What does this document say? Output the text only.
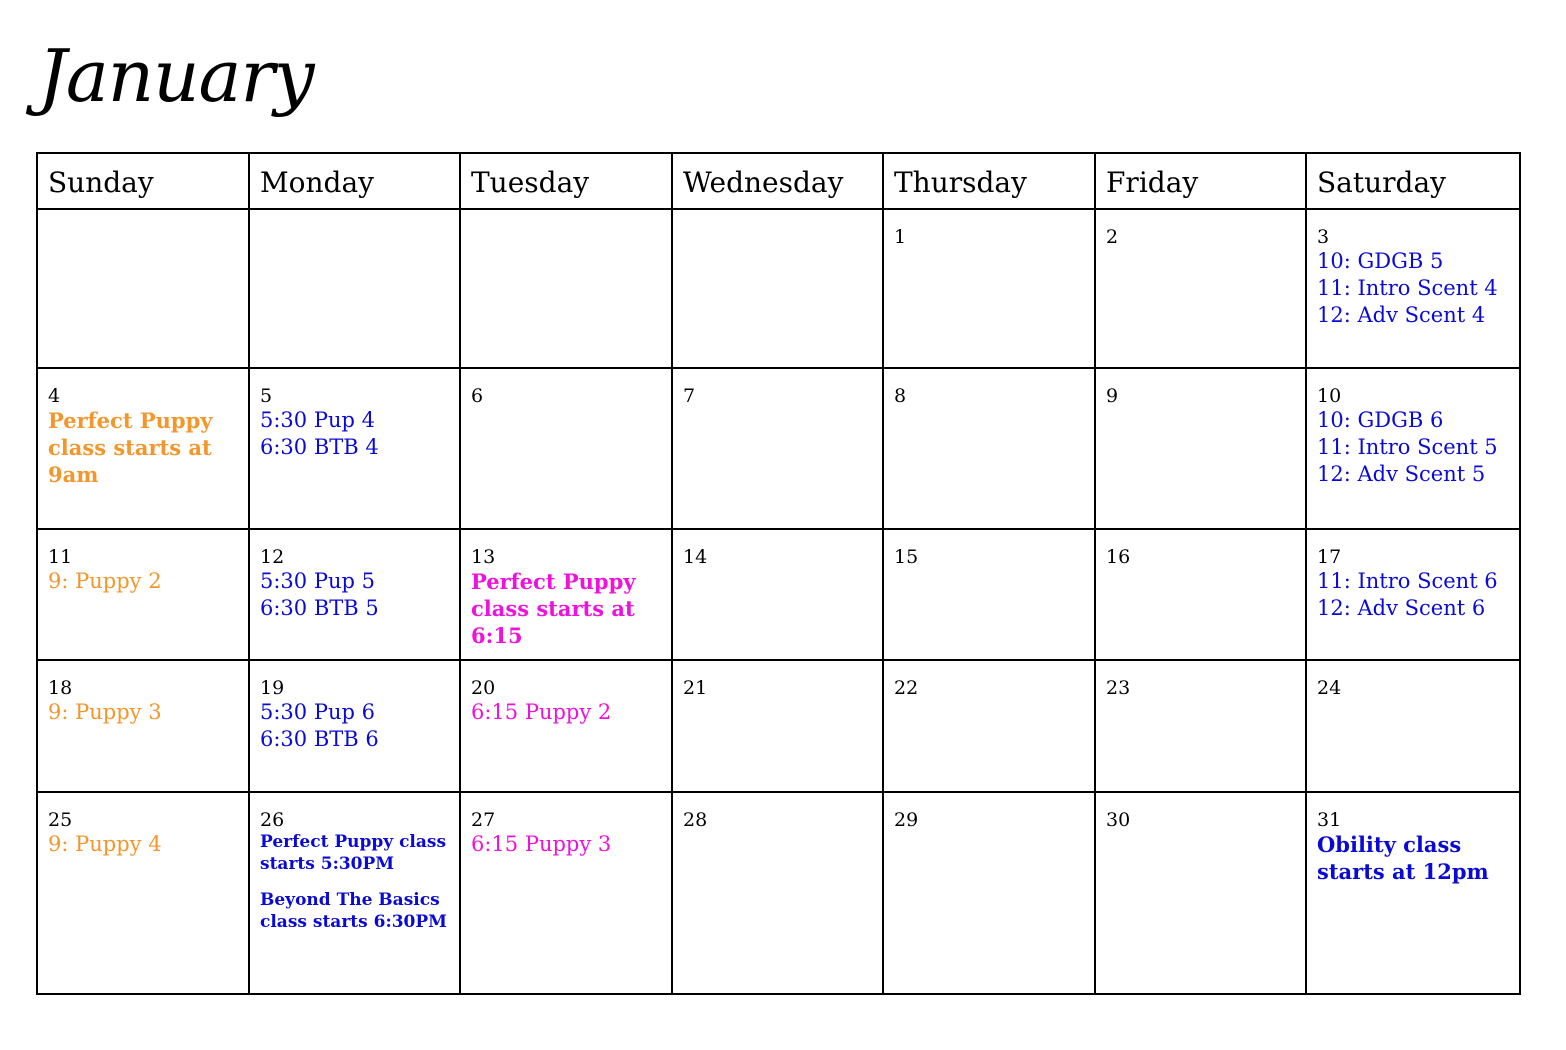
January
Sunday	Monday	Tuesday	Wednesday	Thursday	Friday	Saturday

				1	2	3
10: GDGB 5
11: Intro Scent 4
12: Adv Scent 4

4
Perfect Puppy class starts at 9am	5
5:30 Pup 4
6:30 BTB 4	6	7	8	9	10
10: GDGB 6
11: Intro Scent 5
12: Adv Scent 5

11
9: Puppy 2	12
5:30 Pup 5
6:30 BTB 5	13
Perfect Puppy class starts at 6:15	14	15	16	17
11: Intro Scent 6
12: Adv Scent 6

18
9: Puppy 3	19
5:30 Pup 6
6:30 BTB 6	20
6:15 Puppy 2	21	22	23	24

25
9: Puppy 4	26
Perfect Puppy class starts 5:30PM
Beyond The Basics class starts 6:30PM	27
6:15 Puppy 3	28	29	30	31
Obility class starts at 12pm
